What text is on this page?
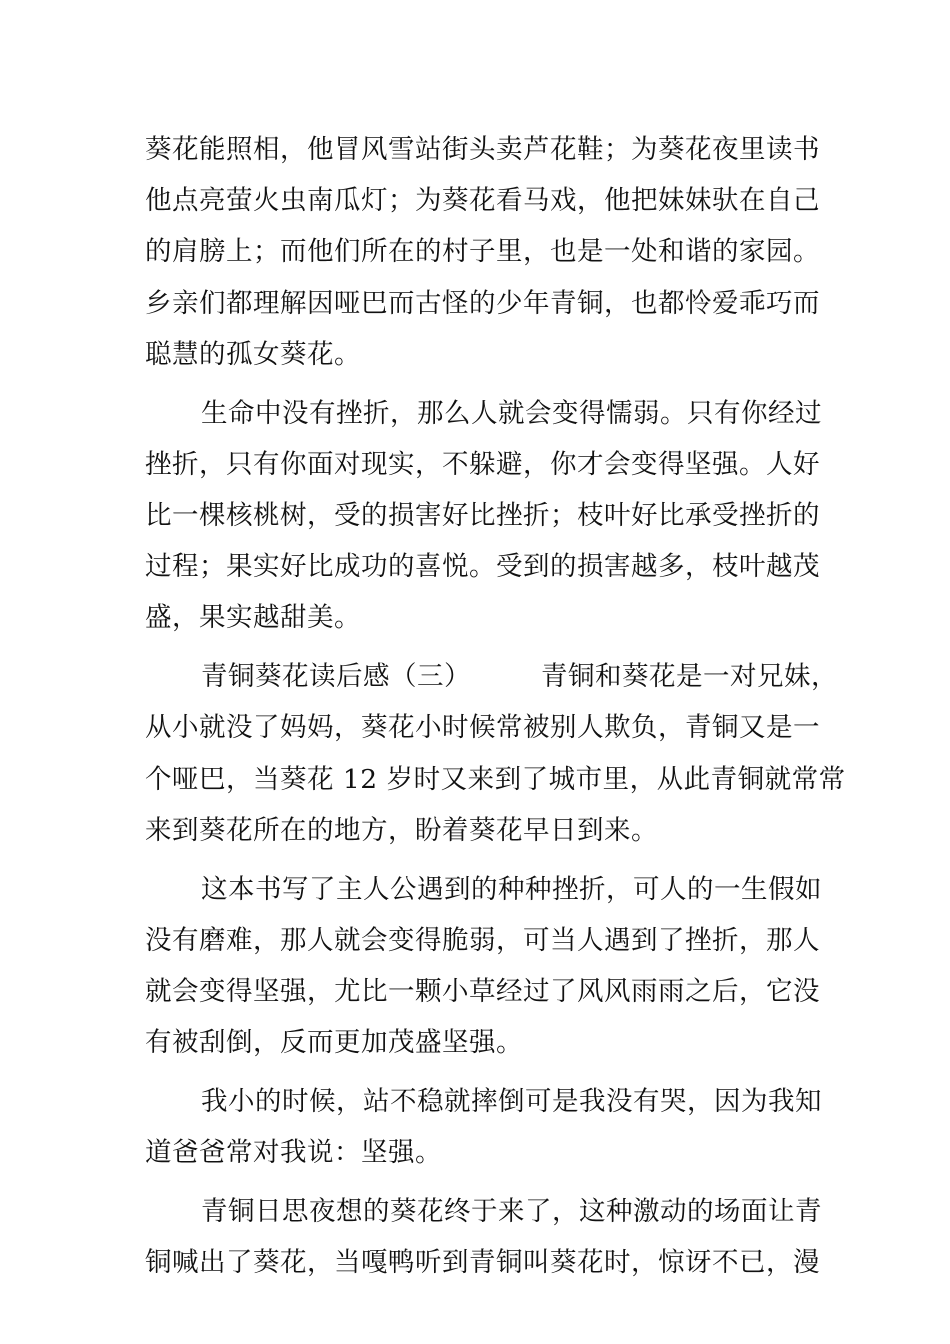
葵花能照相，他冒风雪站街头卖芦花鞋；为葵花夜里读书
他点亮萤火虫南瓜灯；为葵花看马戏，他把妹妹驮在自己
的肩膀上；而他们所在的村子里，也是一处和谐的家园。
乡亲们都理解因哑巴而古怪的少年青铜，也都怜爱乖巧而
聪慧的孤女葵花。

生命中没有挫折，那么人就会变得懦弱。只有你经过
挫折，只有你面对现实，不躲避，你才会变得坚强。人好
比一棵核桃树，受的损害好比挫折；枝叶好比承受挫折的
过程；果实好比成功的喜悦。受到的损害越多，枝叶越茂
盛，果实越甜美。

青铜葵花读后感（三）	青铜和葵花是一对兄妹，
从小就没了妈妈，葵花小时候常被别人欺负，青铜又是一
个哑巴，当葵花 12 岁时又来到了城市里，从此青铜就常常
来到葵花所在的地方，盼着葵花早日到来。

这本书写了主人公遇到的种种挫折，可人的一生假如
没有磨难，那人就会变得脆弱，可当人遇到了挫折，那人
就会变得坚强，尤比一颗小草经过了风风雨雨之后，它没
有被刮倒，反而更加茂盛坚强。

我小的时候，站不稳就摔倒可是我没有哭，因为我知
道爸爸常对我说：坚强。

青铜日思夜想的葵花终于来了，这种激动的场面让青
铜喊出了葵花，当嘎鸭听到青铜叫葵花时，惊讶不已，漫
